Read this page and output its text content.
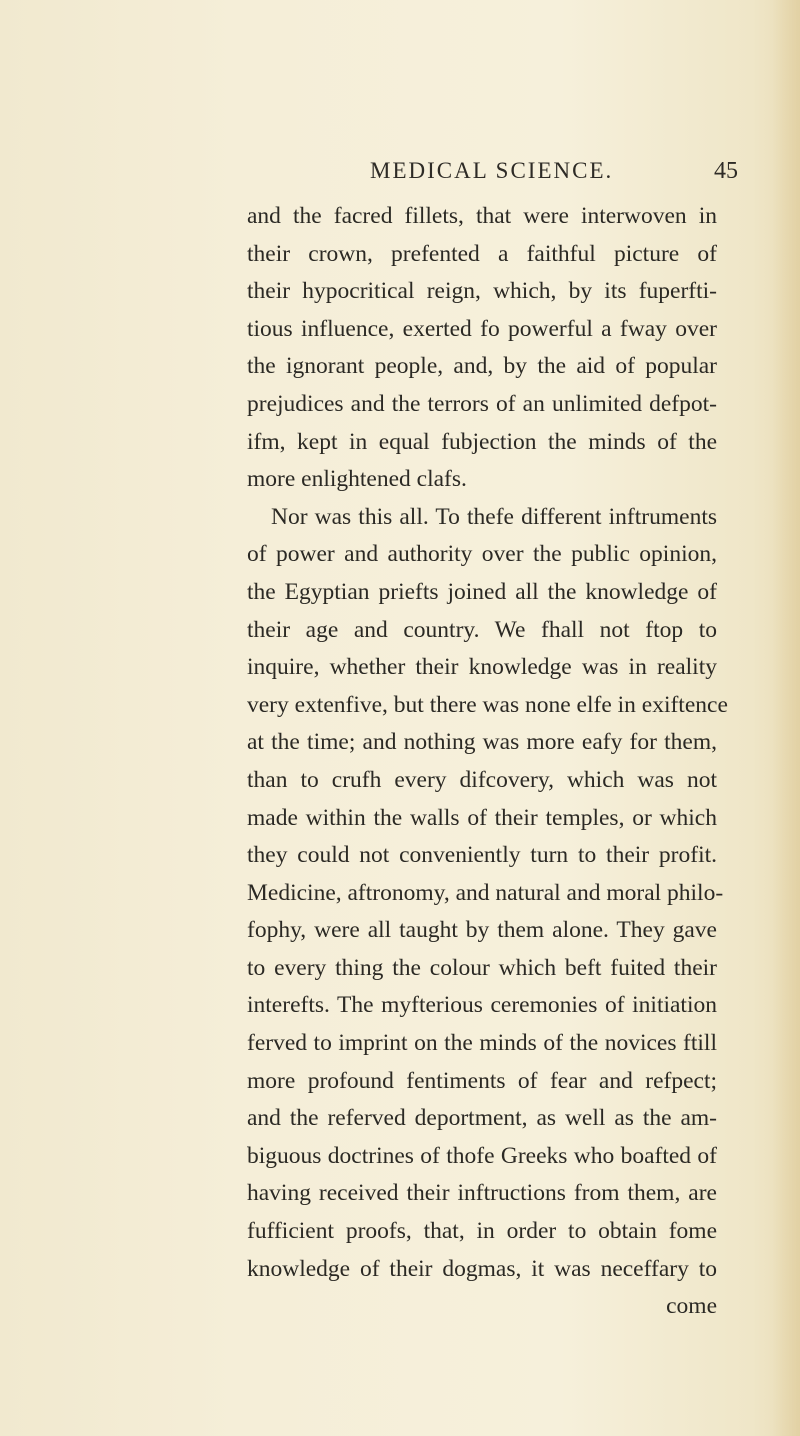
MEDICAL SCIENCE.	45
and the facred fillets, that were interwoven in
their crown, prefented a faithful picture of
their hypocritical reign, which, by its fuperfti-
tious influence, exerted fo powerful a fway over
the ignorant people, and, by the aid of popular
prejudices and the terrors of an unlimited defpot-
ifm, kept in equal fubjection the minds of the
more enlightened clafs.
Nor was this all. To thefe different inftruments
of power and authority over the public opinion,
the Egyptian priefts joined all the knowledge of
their age and country. We fhall not ftop to
inquire, whether their knowledge was in reality
very extenfive, but there was none elfe in exiftence
at the time; and nothing was more eafy for them,
than to crufh every difcovery, which was not
made within the walls of their temples, or which
they could not conveniently turn to their profit.
Medicine, aftronomy, and natural and moral philo-
fophy, were all taught by them alone. They gave
to every thing the colour which beft fuited their
interefts. The myfterious ceremonies of initiation
ferved to imprint on the minds of the novices ftill
more profound fentiments of fear and refpect;
and the referved deportment, as well as the am-
biguous doctrines of thofe Greeks who boafted of
having received their inftructions from them, are
fufficient proofs, that, in order to obtain fome
knowledge of their dogmas, it was neceffary to
come
